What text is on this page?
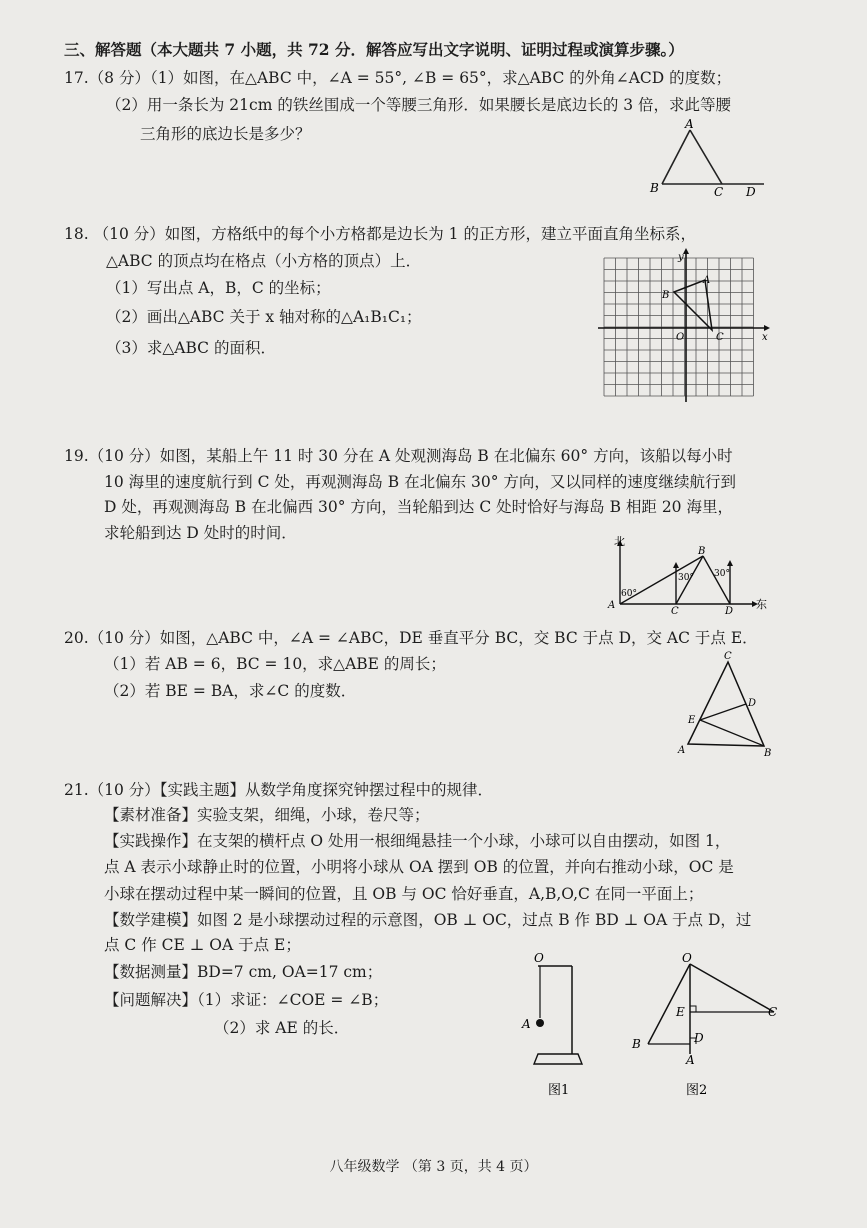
三、解答题（本大题共 7 小题，共 72 分．解答应写出文字说明、证明过程或演算步骤。）
17.（8 分）（1）如图，在△ABC 中，∠A = 55°, ∠B = 65°，求△ABC 的外角∠ACD 的度数；
（2）用一条长为 21cm 的铁丝围成一个等腰三角形．如果腰长是底边长的 3 倍，求此等腰
三角形的底边长是多少？
A
B	C D
18. （10 分）如图，方格纸中的每个小方格都是边长为 1 的正方形，建立平面直角坐标系，
△ABC 的顶点均在格点（小方格的顶点）上．
（1）写出点 A，B，C 的坐标；
（2）画出△ABC 关于 x 轴对称的△A₁B₁C₁；
（3）求△ABC 的面积．
y
x
O
A
B
C
19.（10 分）如图，某船上午 11 时 30 分在 A 处观测海岛 B 在北偏东 60° 方向，该船以每小时
10 海里的速度航行到 C 处，再观测海岛 B 在北偏东 30° 方向，又以同样的速度继续航行到
D 处，再观测海岛 B 在北偏西 30° 方向，当轮船到达 C 处时恰好与海岛 B 相距 20 海里，
求轮船到达 D 处时的时间．	北
东
A
B
C	D
60°
30° 30°
20.（10 分）如图，△ABC 中，∠A = ∠ABC，DE 垂直平分 BC，交 BC 于点 D，交 AC 于点 E．
（1）若 AB = 6，BC = 10，求△ABE 的周长；
（2）若 BE = BA，求∠C 的度数．
C
D
E
A	B
21.（10 分）【实践主题】从数学角度探究钟摆过程中的规律．
【素材准备】实验支架，细绳，小球，卷尺等；
【实践操作】在支架的横杆点 O 处用一根细绳悬挂一个小球，小球可以自由摆动，如图 1，
点 A 表示小球静止时的位置，小明将小球从 OA 摆到 OB 的位置，并向右推动小球，OC 是
小球在摆动过程中某一瞬间的位置，且 OB 与 OC 恰好垂直，A,B,O,C 在同一平面上；
【数学建模】如图 2 是小球摆动过程的示意图，OB ⊥ OC，过点 B 作 BD ⊥ OA 于点 D，过
点 C 作 CE ⊥ OA 于点 E；
【数据测量】BD=7 cm, OA=17 cm；
【问题解决】（1）求证：∠COE = ∠B；
（2）求 AE 的长．
O
A
图1
O
E	C
B	D
A
图2
八年级数学 （第 3 页，共 4 页）
